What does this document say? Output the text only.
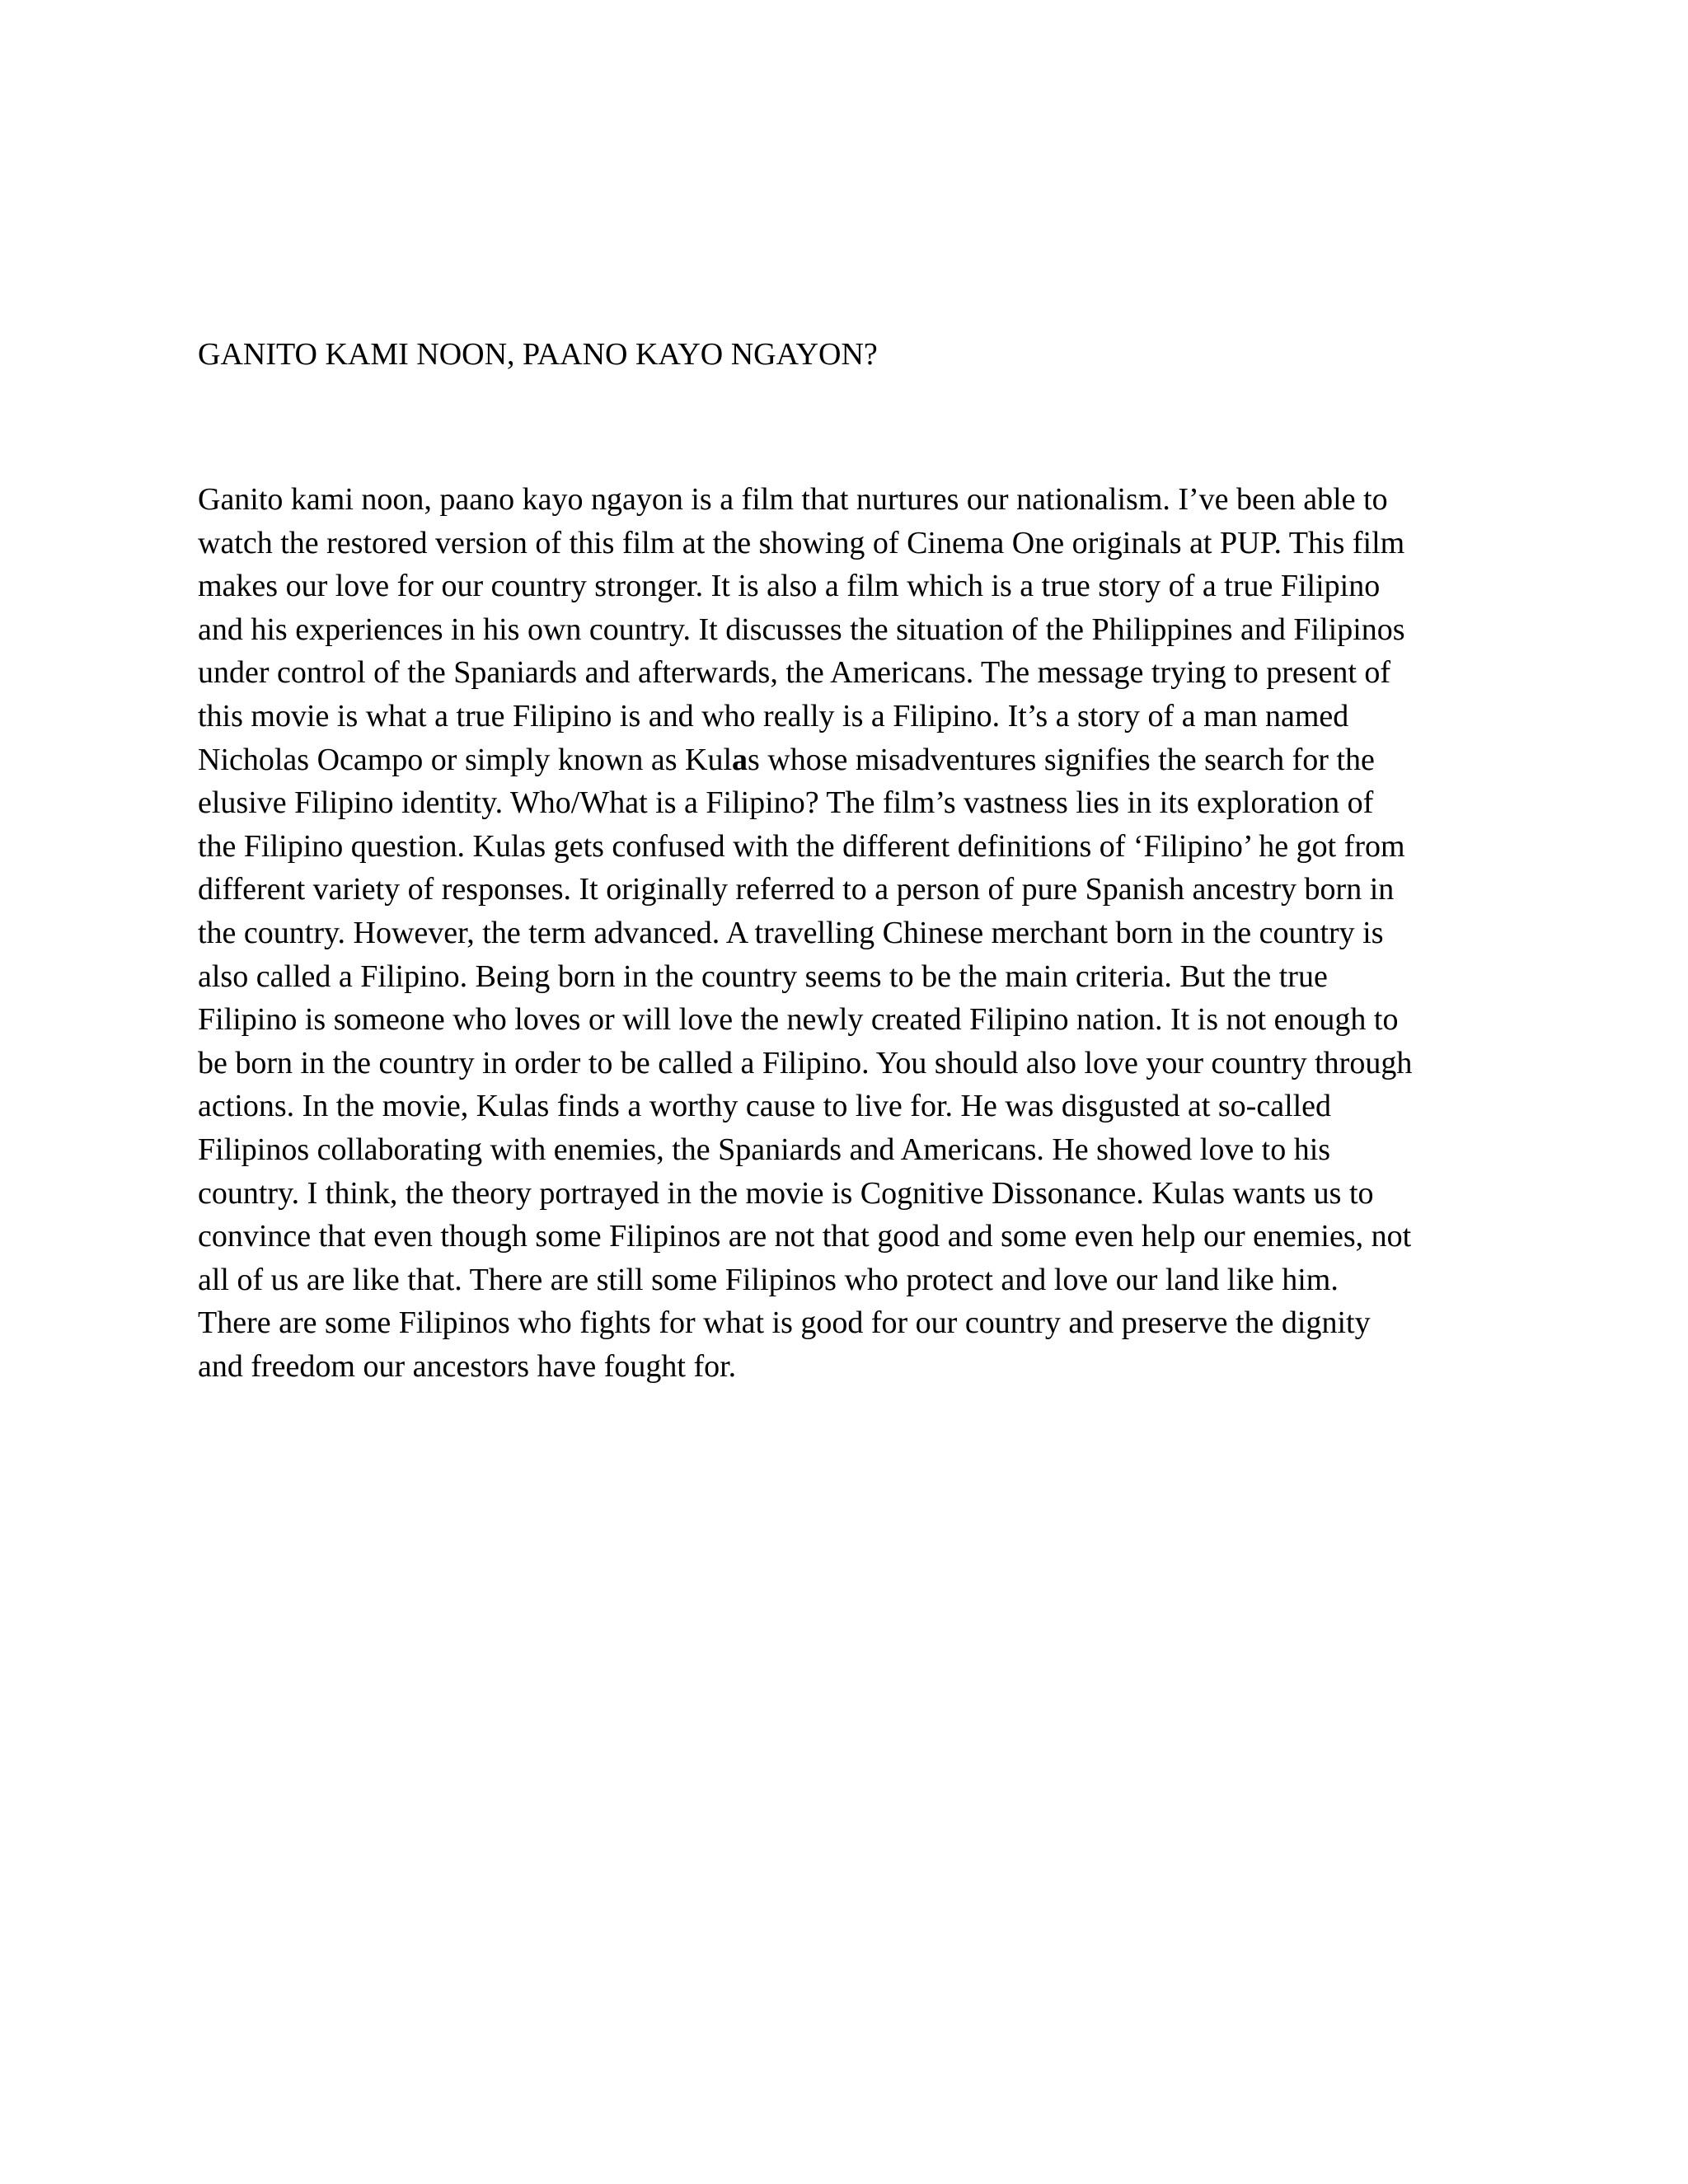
GANITO KAMI NOON, PAANO KAYO NGAYON?
Ganito kami noon, paano kayo ngayon is a film that nurtures our nationalism. I’ve been able to
watch the restored version of this film at the showing of Cinema One originals at PUP. This film
makes our love for our country stronger. It is also a film which is a true story of a true Filipino
and his experiences in his own country. It discusses the situation of the Philippines and Filipinos
under control of the Spaniards and afterwards, the Americans. The message trying to present of
this movie is what a true Filipino is and who really is a Filipino. It’s a story of a man named
Nicholas Ocampo or simply known as Kulas whose misadventures signifies the search for the
elusive Filipino identity. Who/What is a Filipino? The film’s vastness lies in its exploration of
the Filipino question. Kulas gets confused with the different definitions of ‘Filipino’ he got from
different variety of responses. It originally referred to a person of pure Spanish ancestry born in
the country. However, the term advanced. A travelling Chinese merchant born in the country is
also called a Filipino. Being born in the country seems to be the main criteria. But the true
Filipino is someone who loves or will love the newly created Filipino nation. It is not enough to
be born in the country in order to be called a Filipino. You should also love your country through
actions. In the movie, Kulas finds a worthy cause to live for. He was disgusted at so-called
Filipinos collaborating with enemies, the Spaniards and Americans. He showed love to his
country. I think, the theory portrayed in the movie is Cognitive Dissonance. Kulas wants us to
convince that even though some Filipinos are not that good and some even help our enemies, not
all of us are like that. There are still some Filipinos who protect and love our land like him.
There are some Filipinos who fights for what is good for our country and preserve the dignity
and freedom our ancestors have fought for.
